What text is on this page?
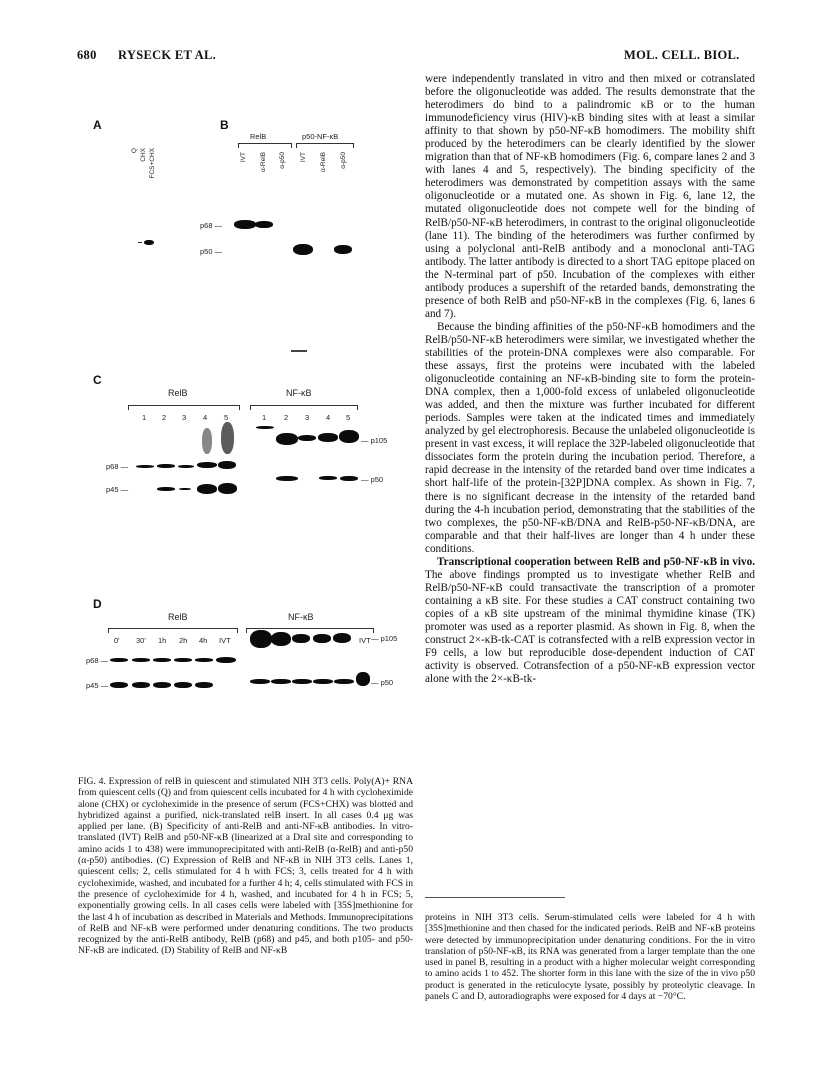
680 RYSECK ET AL.	MOL. CELL. BIOL.
A
Q CHX FCS+CHX
B
RelB	p50-NF-κB
IVT α-RelB α-p50 IVT α-RelB α-p50
p68 —
p50 —
C
RelB	NF-κB
1 2 3 4 5	1 2 3 4 5
p68 —
p45 —
— p105
— p50
D
RelB	NF-κB
0' 30' 1h 2h 4h IVT	IVT
p68 —
p45 —
— p105
— p50

FIG. 4. Expression of relB in quiescent and stimulated NIH 3T3 cells. Poly(A)+ RNA from quiescent cells (Q) and from quiescent cells incubated for 4 h with cycloheximide alone (CHX) or cycloheximide in the presence of serum (FCS+CHX) was blotted and hybridized against a purified, nick-translated relB insert. In all cases 0.4 μg was applied per lane. (B) Specificity of anti-RelB and anti-NF-κB antibodies. In vitro-translated (IVT) RelB and p50-NF-κB (linearized at a DraI site and corresponding to amino acids 1 to 438) were immunoprecipitated with anti-RelB (α-RelB) and anti-p50 (α-p50) antibodies. (C) Expression of RelB and NF-κB in NIH 3T3 cells. Lanes 1, quiescent cells; 2, cells stimulated for 4 h with FCS; 3, cells treated for 4 h with cycloheximide, washed, and incubated for a further 4 h; 4, cells stimulated with FCS in the presence of cycloheximide for 4 h, washed, and incubated for 4 h in FCS; 5, exponentially growing cells. In all cases cells were labeled with [35S]methionine for the last 4 h of incubation as described in Materials and Methods. Immunoprecipitations of RelB and NF-κB were performed under denaturing conditions. The two products recognized by the anti-RelB antibody, RelB (p68) and p45, and both p105- and p50-NF-κB are indicated. (D) Stability of RelB and NF-κB

were independently translated in vitro and then mixed or cotranslated before the oligonucleotide was added. The results demonstrate that the heterodimers do bind to a palindromic κB or to the human immunodeficiency virus (HIV)-κB binding sites with at least a similar affinity to that shown by p50-NF-κB homodimers. The mobility shift produced by the heterodimers can be clearly identified by the slower migration than that of NF-κB homodimers (Fig. 6, compare lanes 2 and 3 with lanes 4 and 5, respectively). The binding specificity of the heterodimers was demonstrated by competition assays with the same oligonucleotide or a mutated one. As shown in Fig. 6, lane 12, the mutated oligonucleotide does not compete well for the binding of RelB/p50-NF-κB heterodimers, in contrast to the original oligonucleotide (lane 11). The binding of the heterodimers was further confirmed by using a polyclonal anti-RelB antibody and a monoclonal anti-TAG antibody. The latter antibody is directed to a short TAG epitope placed on the N-terminal part of p50. Incubation of the complexes with either antibody produces a supershift of the retarded bands, demonstrating the presence of both RelB and p50-NF-κB in the complexes (Fig. 6, lanes 6 and 7).

Because the binding affinities of the p50-NF-κB homodimers and the RelB/p50-NF-κB heterodimers were similar, we investigated whether the stabilities of the protein-DNA complexes were also comparable. For these assays, first the proteins were incubated with the labeled oligonucleotide containing an NF-κB-binding site to form the protein-DNA complex, then a 1,000-fold excess of unlabeled oligonucleotide was added, and then the mixture was further incubated for different periods. Samples were taken at the indicated times and immediately analyzed by gel electrophoresis. Because the unlabeled oligonucleotide is present in vast excess, it will replace the 32P-labeled oligonucleotide that dissociates form the protein during the incubation period. Therefore, a rapid decrease in the intensity of the retarded band over time indicates a short half-life of the protein-[32P]DNA complex. As shown in Fig. 7, there is no significant decrease in the intensity of the retarded band during the 4-h incubation period, demonstrating that the stabilities of the two complexes, the p50-NF-κB/DNA and RelB-p50-NF-κB/DNA, are comparable and that their half-lives are longer than 4 h under these conditions.

Transcriptional cooperation between RelB and p50-NF-κB in vivo. The above findings prompted us to investigate whether RelB and RelB/p50-NF-κB could transactivate the transcription of a promoter containing a κB site. For these studies a CAT construct containing two copies of a κB site upstream of the minimal thymidine kinase (TK) promoter was used as a reporter plasmid. As shown in Fig. 8, when the construct 2×-κB-tk-CAT is cotransfected with a relB expression vector in F9 cells, a low but reproducible dose-dependent induction of CAT activity is observed. Cotransfection of a p50-NF-κB expression vector alone with the 2×-κB-tk-

proteins in NIH 3T3 cells. Serum-stimulated cells were labeled for 4 h with [35S]methionine and then chased for the indicated periods. RelB and NF-κB proteins were detected by immunoprecipitation under denaturing conditions. For the in vitro translation of p50-NF-κB, its RNA was generated from a larger template than the one used in panel B, resulting in a product with a higher molecular weight corresponding to amino acids 1 to 452. The shorter form in this lane with the size of the in vivo p50 product is generated in the reticulocyte lysate, possibly by proteolytic cleavage. In panels C and D, autoradiographs were exposed for 4 days at −70°C.
